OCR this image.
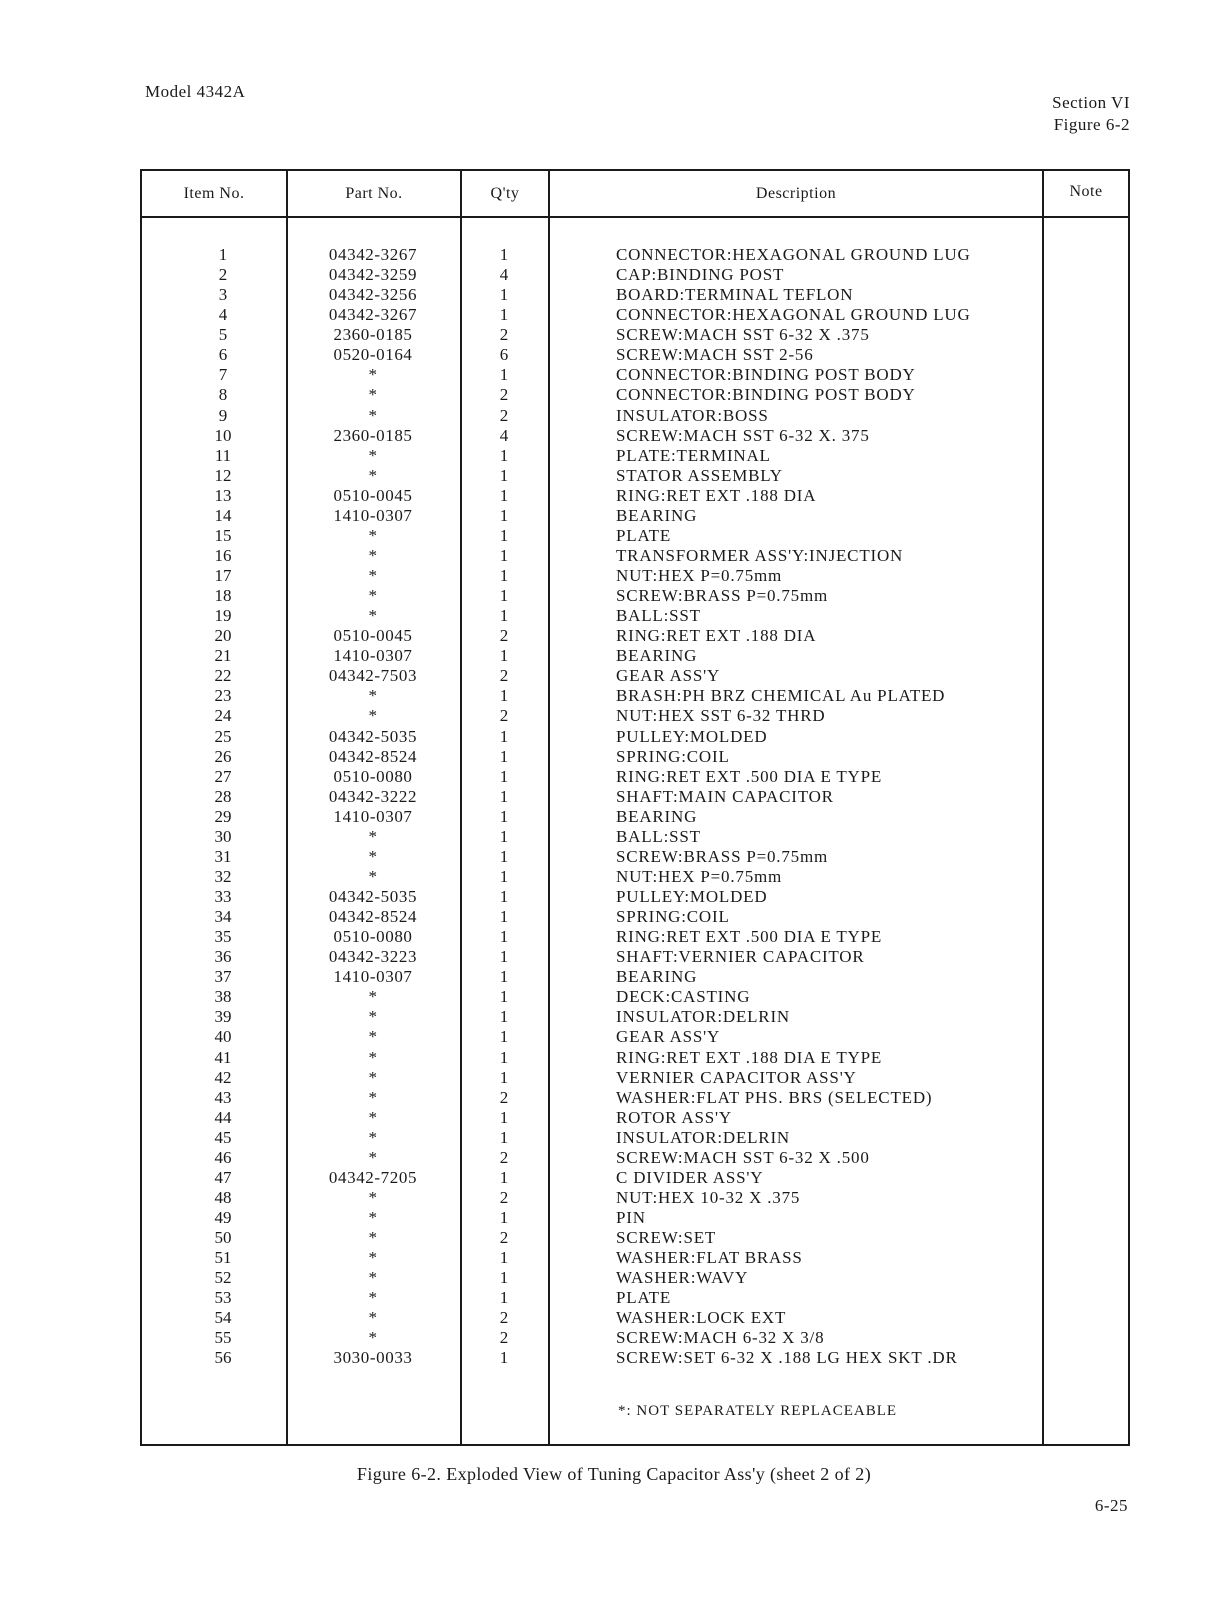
Model 4342A
Section VI
Figure 6-2
Item No.	Part No.	Q'ty	Description	Note
1	04342-3267	1	CONNECTOR:HEXAGONAL GROUND LUG
2	04342-3259	4	CAP:BINDING POST
3	04342-3256	1	BOARD:TERMINAL TEFLON
4	04342-3267	1	CONNECTOR:HEXAGONAL GROUND LUG
5	2360-0185	2	SCREW:MACH SST 6-32 X .375
6	0520-0164	6	SCREW:MACH SST 2-56
7	*	1	CONNECTOR:BINDING POST BODY
8	*	2	CONNECTOR:BINDING POST BODY
9	*	2	INSULATOR:BOSS
10	2360-0185	4	SCREW:MACH SST 6-32 X. 375
11	*	1	PLATE:TERMINAL
12	*	1	STATOR ASSEMBLY
13	0510-0045	1	RING:RET EXT .188 DIA
14	1410-0307	1	BEARING
15	*	1	PLATE
16	*	1	TRANSFORMER ASS'Y:INJECTION
17	*	1	NUT:HEX P=0.75mm
18	*	1	SCREW:BRASS P=0.75mm
19	*	1	BALL:SST
20	0510-0045	2	RING:RET EXT .188 DIA
21	1410-0307	1	BEARING
22	04342-7503	2	GEAR ASS'Y
23	*	1	BRASH:PH BRZ CHEMICAL Au PLATED
24	*	2	NUT:HEX SST 6-32 THRD
25	04342-5035	1	PULLEY:MOLDED
26	04342-8524	1	SPRING:COIL
27	0510-0080	1	RING:RET EXT .500 DIA E TYPE
28	04342-3222	1	SHAFT:MAIN CAPACITOR
29	1410-0307	1	BEARING
30	*	1	BALL:SST
31	*	1	SCREW:BRASS P=0.75mm
32	*	1	NUT:HEX P=0.75mm
33	04342-5035	1	PULLEY:MOLDED
34	04342-8524	1	SPRING:COIL
35	0510-0080	1	RING:RET EXT .500 DIA E TYPE
36	04342-3223	1	SHAFT:VERNIER CAPACITOR
37	1410-0307	1	BEARING
38	*	1	DECK:CASTING
39	*	1	INSULATOR:DELRIN
40	*	1	GEAR ASS'Y
41	*	1	RING:RET EXT .188 DIA E TYPE
42	*	1	VERNIER CAPACITOR ASS'Y
43	*	2	WASHER:FLAT PHS. BRS (SELECTED)
44	*	1	ROTOR ASS'Y
45	*	1	INSULATOR:DELRIN
46	*	2	SCREW:MACH SST 6-32 X .500
47	04342-7205	1	C DIVIDER ASS'Y
48	*	2	NUT:HEX 10-32 X .375
49	*	1	PIN
50	*	2	SCREW:SET
51	*	1	WASHER:FLAT BRASS
52	*	1	WASHER:WAVY
53	*	1	PLATE
54	*	2	WASHER:LOCK EXT
55	*	2	SCREW:MACH 6-32 X 3/8
56	3030-0033	1	SCREW:SET 6-32 X .188 LG HEX SKT .DR
*: NOT SEPARATELY REPLACEABLE
Figure 6-2. Exploded View of Tuning Capacitor Ass'y (sheet 2 of 2)
6-25
